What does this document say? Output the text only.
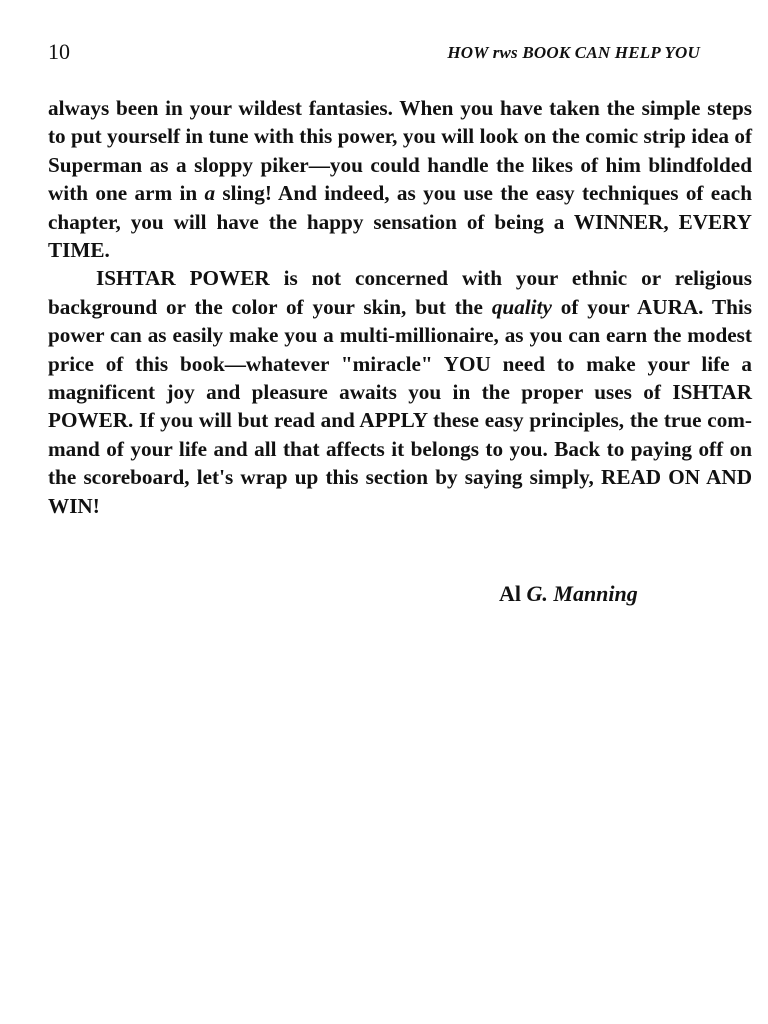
10	HOW rws BOOK CAN HELP YOU

always been in your wildest fantasies. When you have taken the simple steps to put yourself in tune with this power, you will look on the comic strip idea of Superman as a sloppy piker—you could handle the likes of him blindfolded with one arm in a sling! And indeed, as you use the easy techniques of each chapter, you will have the happy sensation of being a WINNER, EVERY TIME.

ISHTAR POWER is not concerned with your ethnic or religious background or the color of your skin, but the quality of your AURA. This power can as easily make you a multi-millionaire, as you can earn the modest price of this book—whatever "miracle" YOU need to make your life a magnificent joy and pleasure awaits you in the proper uses of ISHTAR POWER. If you will but read and APPLY these easy principles, the true com-mand of your life and all that affects it belongs to you. Back to paying off on the scoreboard, let's wrap up this section by saying simply, READ ON AND WIN!

Al G. Manning
